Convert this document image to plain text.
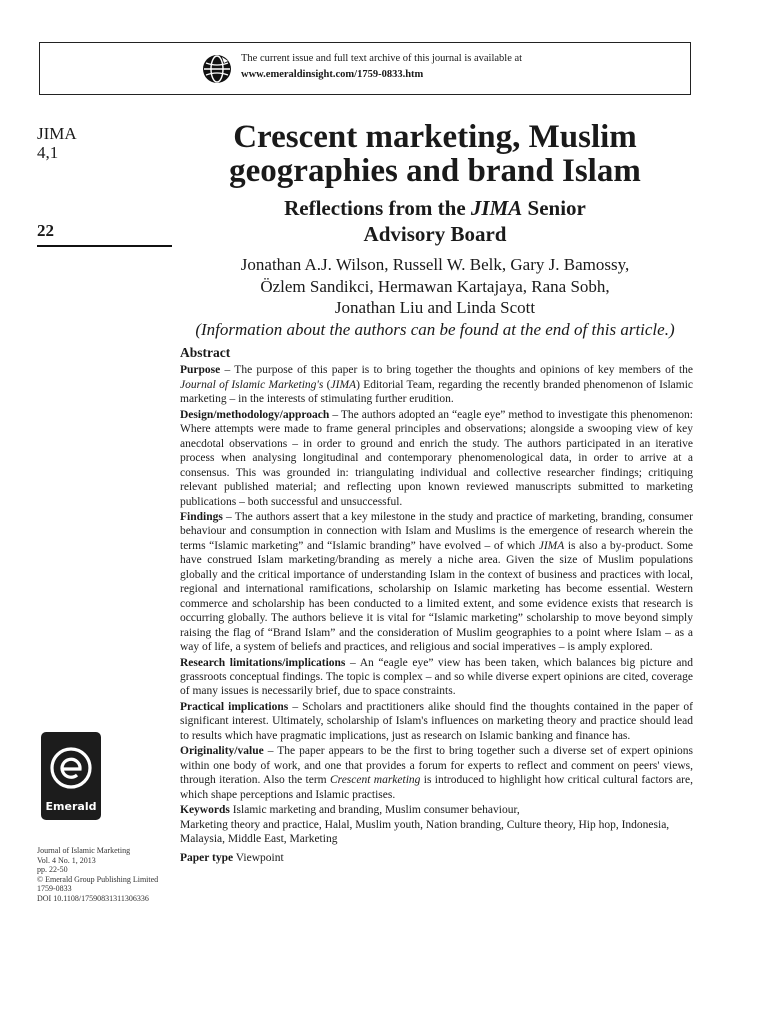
The current issue and full text archive of this journal is available at
www.emeraldinsight.com/1759-0833.htm
JIMA
4,1
22
Crescent marketing, Muslim
geographies and brand Islam
Reflections from the JIMA Senior
Advisory Board
Jonathan A.J. Wilson, Russell W. Belk, Gary J. Bamossy,
Özlem Sandikci, Hermawan Kartajaya, Rana Sobh,
Jonathan Liu and Linda Scott
(Information about the authors can be found at the end of this article.)
Abstract

Purpose – The purpose of this paper is to bring together the thoughts and opinions of key members of the Journal of Islamic Marketing's (JIMA) Editorial Team, regarding the recently branded phenomenon of Islamic marketing – in the interests of stimulating further erudition.

Design/methodology/approach – The authors adopted an “eagle eye” method to investigate this phenomenon: Where attempts were made to frame general principles and observations; alongside a swooping view of key anecdotal observations – in order to ground and enrich the study. The authors participated in an iterative process when analysing longitudinal and contemporary phenomenological data, in order to arrive at a consensus. This was grounded in: triangulating individual and collective researcher findings; critiquing relevant published material; and reflecting upon known reviewed manuscripts submitted to marketing publications – both successful and unsuccessful.

Findings – The authors assert that a key milestone in the study and practice of marketing, branding, consumer behaviour and consumption in connection with Islam and Muslims is the emergence of research wherein the terms “Islamic marketing” and “Islamic branding” have evolved – of which JIMA is also a by-product. Some have construed Islam marketing/branding as merely a niche area. Given the size of Muslim populations globally and the critical importance of understanding Islam in the context of business and practices with local, regional and international ramifications, scholarship on Islamic marketing has become essential. Western commerce and scholarship has been conducted to a limited extent, and some evidence exists that research is occurring globally. The authors believe it is vital for “Islamic marketing” scholarship to move beyond simply raising the flag of “Brand Islam” and the consideration of Muslim geographies to a point where Islam – as a way of life, a system of beliefs and practices, and religious and social imperatives – is amply explored.

Research limitations/implications – An “eagle eye” view has been taken, which balances big picture and grassroots conceptual findings. The topic is complex – and so while diverse expert opinions are cited, coverage of many issues is necessarily brief, due to space constraints.

Practical implications – Scholars and practitioners alike should find the thoughts contained in the paper of significant interest. Ultimately, scholarship of Islam's influences on marketing theory and practice should lead to results which have pragmatic implications, just as research on Islamic banking and finance has.

Originality/value – The paper appears to be the first to bring together such a diverse set of expert opinions within one body of work, and one that provides a forum for experts to reflect and comment on peers' views, through iteration. Also the term Crescent marketing is introduced to highlight how critical cultural factors are, which shape perceptions and Islamic practises.

Keywords Islamic marketing and branding, Muslim consumer behaviour,
Marketing theory and practice, Halal, Muslim youth, Nation branding, Culture theory, Hip hop, Indonesia,
Malaysia, Middle East, Marketing

Paper type Viewpoint

Emerald
Journal of Islamic Marketing
Vol. 4 No. 1, 2013
pp. 22-50
© Emerald Group Publishing Limited
1759-0833
DOI 10.1108/17590831311306336
